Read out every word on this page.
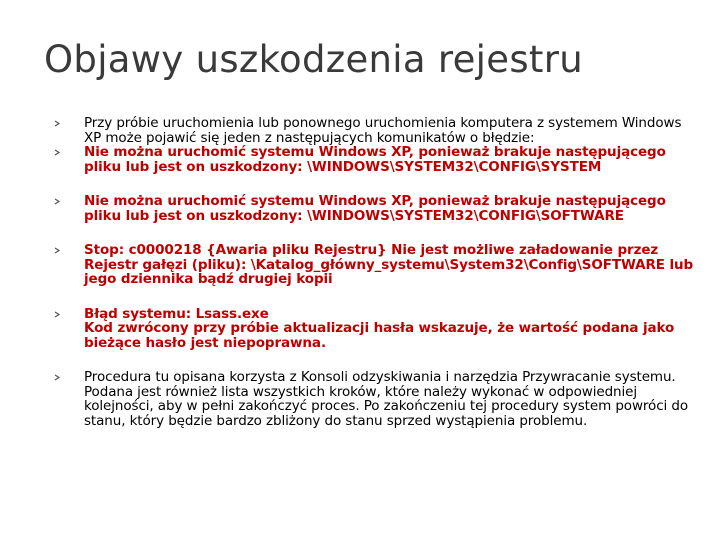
Objawy uszkodzenia rejestru
Przy próbie uruchomienia lub ponownego uruchomienia komputera z systemem Windows XP może pojawić się jeden z następujących komunikatów o błędzie:
Nie można uruchomić systemu Windows XP, ponieważ brakuje następującego pliku lub jest on uszkodzony: \WINDOWS\SYSTEM32\CONFIG\SYSTEM
Nie można uruchomić systemu Windows XP, ponieważ brakuje następującego pliku lub jest on uszkodzony: \WINDOWS\SYSTEM32\CONFIG\SOFTWARE
Stop: c0000218 {Awaria pliku Rejestru} Nie jest możliwe załadowanie przez Rejestr gałęzi (pliku): \Katalog_główny_systemu\System32\Config\SOFTWARE lub jego dziennika bądź drugiej kopii
Błąd systemu: Lsass.exe
Kod zwrócony przy próbie aktualizacji hasła wskazuje, że wartość podana jako bieżące hasło jest niepoprawna.
Procedura tu opisana korzysta z Konsoli odzyskiwania i narzędzia Przywracanie systemu. Podana jest również lista wszystkich kroków, które należy wykonać w odpowiedniej kolejności, aby w pełni zakończyć proces. Po zakończeniu tej procedury system powróci do stanu, który będzie bardzo zbliżony do stanu sprzed wystąpienia problemu.
